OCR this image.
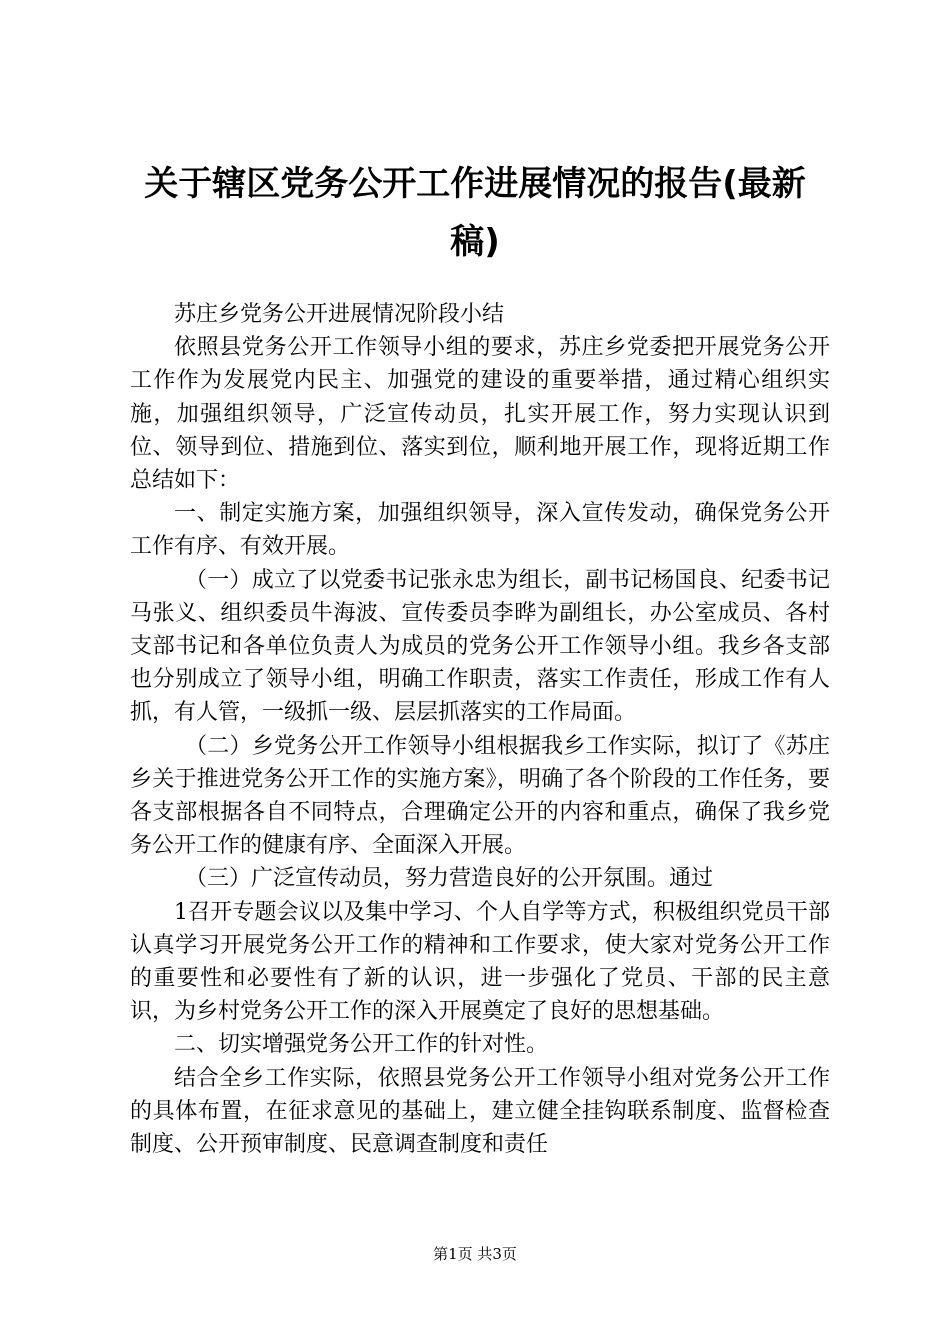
关于辖区党务公开工作进展情况的报告(最新稿)

苏庄乡党务公开进展情况阶段小结

依照县党务公开工作领导小组的要求，苏庄乡党委把开展党务公开工作作为发展党内民主、加强党的建设的重要举措，通过精心组织实施，加强组织领导，广泛宣传动员，扎实开展工作，努力实现认识到位、领导到位、措施到位、落实到位，顺利地开展工作，现将近期工作总结如下：

一、制定实施方案，加强组织领导，深入宣传发动，确保党务公开工作有序、有效开展。

（一）成立了以党委书记张永忠为组长，副书记杨国良、纪委书记马张义、组织委员牛海波、宣传委员李晔为副组长，办公室成员、各村支部书记和各单位负责人为成员的党务公开工作领导小组。我乡各支部也分别成立了领导小组，明确工作职责，落实工作责任，形成工作有人抓，有人管，一级抓一级、层层抓落实的工作局面。

（二）乡党务公开工作领导小组根据我乡工作实际，拟订了《苏庄乡关于推进党务公开工作的实施方案》，明确了各个阶段的工作任务，要各支部根据各自不同特点，合理确定公开的内容和重点，确保了我乡党务公开工作的健康有序、全面深入开展。

（三）广泛宣传动员，努力营造良好的公开氛围。通过

1召开专题会议以及集中学习、个人自学等方式，积极组织党员干部认真学习开展党务公开工作的精神和工作要求，使大家对党务公开工作的重要性和必要性有了新的认识，进一步强化了党员、干部的民主意识，为乡村党务公开工作的深入开展奠定了良好的思想基础。

二、切实增强党务公开工作的针对性。

结合全乡工作实际，依照县党务公开工作领导小组对党务公开工作的具体布置，在征求意见的基础上，建立健全挂钩联系制度、监督检查制度、公开预审制度、民意调查制度和责任

第1页 共3页
